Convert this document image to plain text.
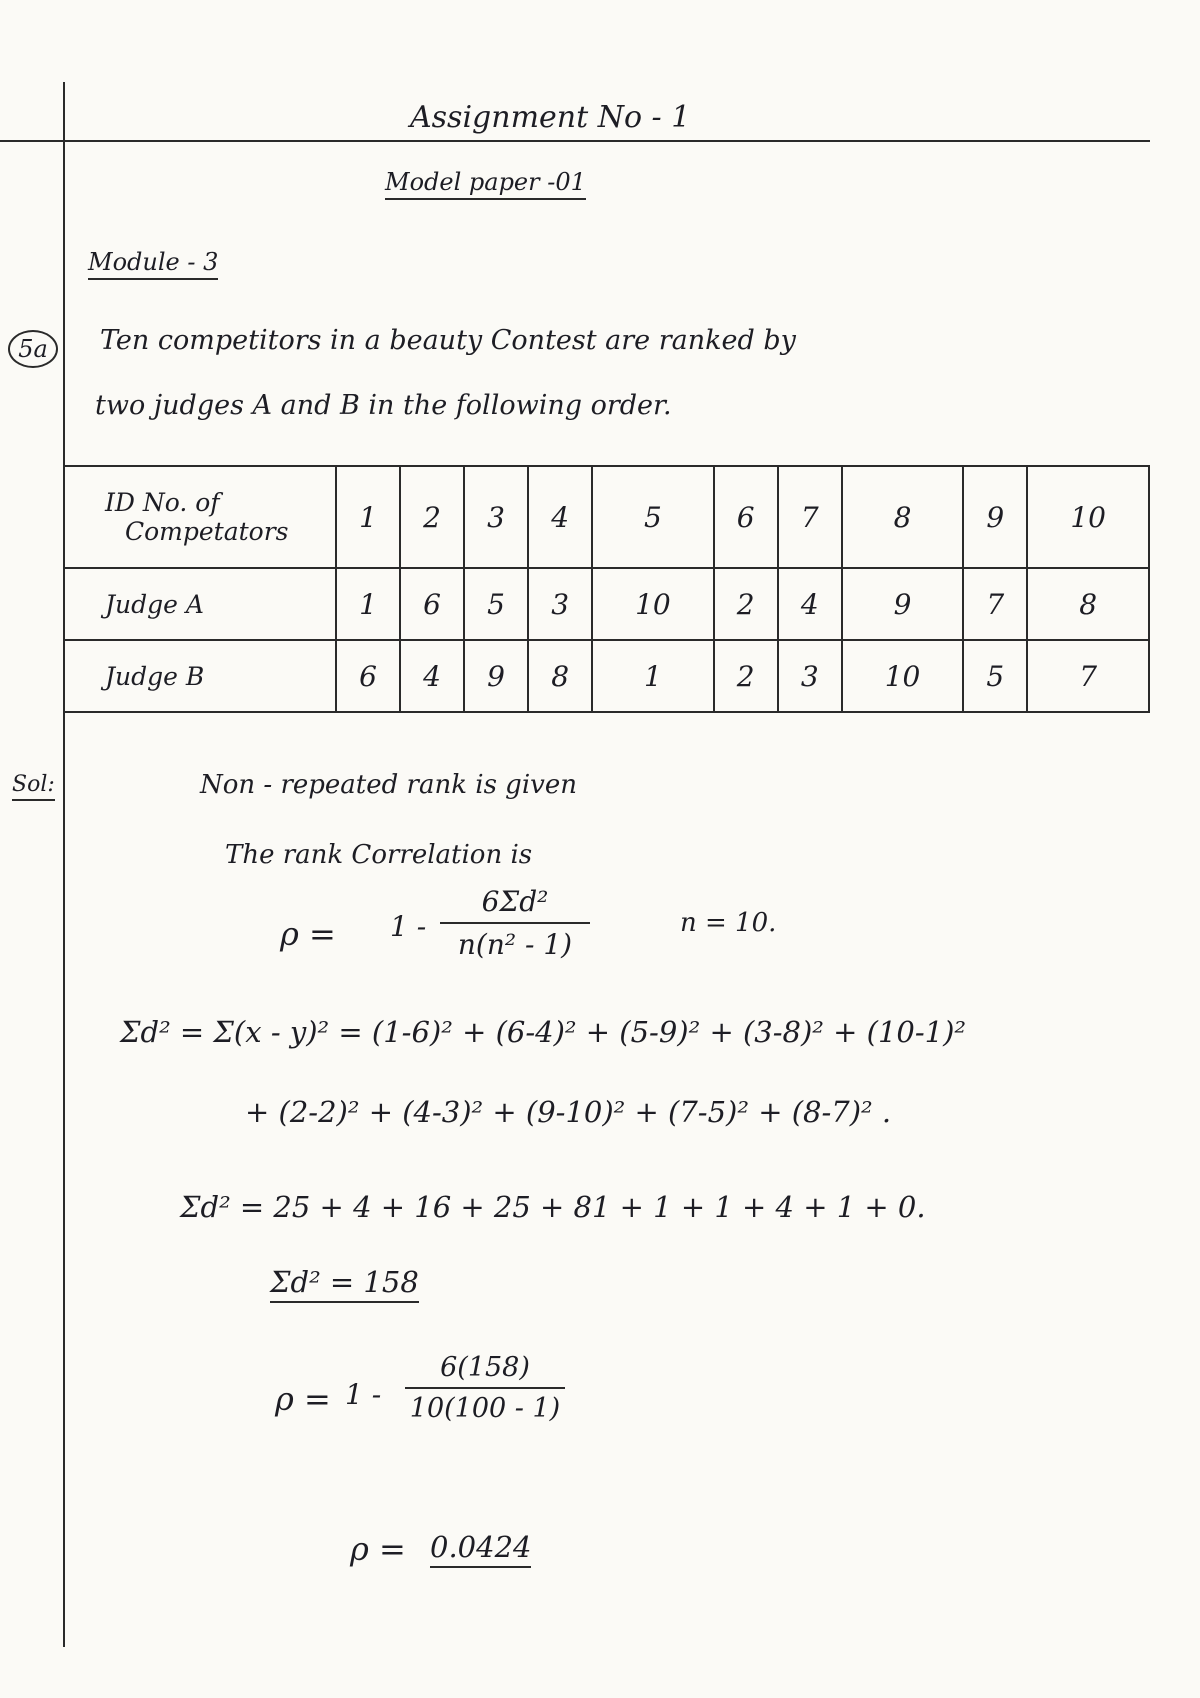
Assignment No - 1
Model paper -01
Module - 3
5a	Ten competitors in a beauty Contest are ranked by
two judges A and B in the following order.
ID No. of
Competators	1	2	3	4	5	6	7	8	9	10
Judge A	1	6	5	3	10	2	4	9	7	8
Judge B	6	4	9	8	1	2	3	10	5	7
Sol:	Non - repeated rank is given
The rank Correlation is
ρ = 1 -
6Σd²
n(n² - 1)
n = 10.
Σd² = Σ(x - y)² = (1-6)² + (6-4)² + (5-9)² + (3-8)² + (10-1)²
+ (2-2)² + (4-3)² + (9-10)² + (7-5)² + (8-7)² .
Σd² = 25 + 4 + 16 + 25 + 81 + 1 + 1 + 4 + 1 + 0.
Σd² = 158
ρ = 1 -
6(158)
10(100 - 1)
ρ = 0.0424
